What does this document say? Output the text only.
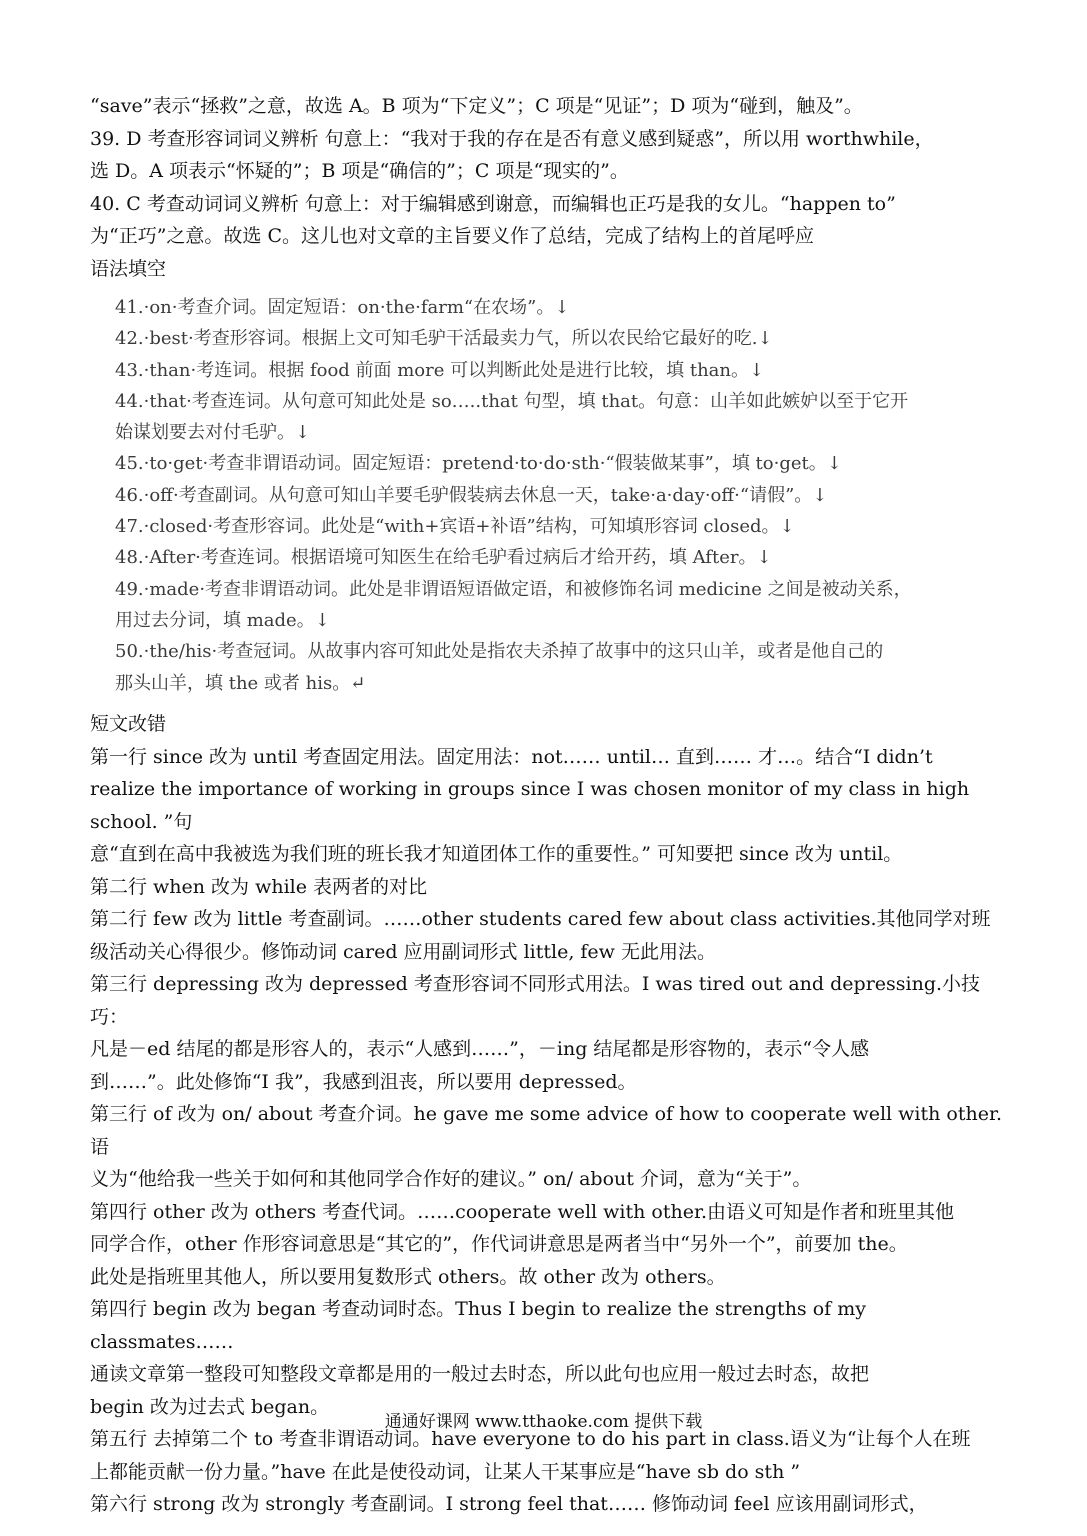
“save”表示“拯救”之意，故选 A。B 项为“下定义”；C 项是“见证”；D 项为“碰到，触及”。

39. D 考查形容词词义辨析 句意上：“我对于我的存在是否有意义感到疑惑”，所以用 worthwhile，

选 D。A 项表示“怀疑的”；B 项是“确信的”；C 项是“现实的”。

40. C 考查动词词义辨析 句意上：对于编辑感到谢意，而编辑也正巧是我的女儿。“happen to”

为“正巧”之意。故选 C。这儿也对文章的主旨要义作了总结，完成了结构上的首尾呼应

语法填空

41.·on·考查介词。固定短语：on·the·farm“在农场”。↓

42.·best·考查形容词。根据上文可知毛驴干活最卖力气，所以农民给它最好的吃.↓

43.·than·考连词。根据 food 前面 more 可以判断此处是进行比较，填 than。↓

44.·that·考查连词。从句意可知此处是 so…..that 句型，填 that。句意：山羊如此嫉妒以至于它开

始谋划要去对付毛驴。↓

45.·to·get·考查非谓语动词。固定短语：pretend·to·do·sth·“假装做某事”，填 to·get。↓

46.·off·考查副词。从句意可知山羊要毛驴假装病去休息一天，take·a·day·off·“请假”。↓

47.·closed·考查形容词。此处是“with+宾语+补语”结构，可知填形容词 closed。↓

48.·After·考查连词。根据语境可知医生在给毛驴看过病后才给开药，填 After。↓

49.·made·考查非谓语动词。此处是非谓语短语做定语，和被修饰名词 medicine 之间是被动关系，

用过去分词，填 made。↓

50.·the/his·考查冠词。从故事内容可知此处是指农夫杀掉了故事中的这只山羊，或者是他自己的

那头山羊，填 the 或者 his。↵

短文改错

第一行 since 改为 until 考查固定用法。固定用法：not…… until… 直到…… 才…。结合“I didn’t

realize the importance of working in groups since I was chosen monitor of my class in high school. ”句

意“直到在高中我被选为我们班的班长我才知道团体工作的重要性。” 可知要把 since 改为 until。

第二行 when 改为 while 表两者的对比

第二行 few 改为 little 考查副词。……other students cared few about class activities.其他同学对班

级活动关心得很少。修饰动词 cared 应用副词形式 little, few 无此用法。

第三行 depressing 改为 depressed 考查形容词不同形式用法。I was tired out and depressing.小技巧：

凡是－ed 结尾的都是形容人的，表示“人感到……”，－ing 结尾都是形容物的，表示“令人感

到……”。此处修饰“I 我”，我感到沮丧，所以要用 depressed。

第三行 of 改为 on/ about 考查介词。he gave me some advice of how to cooperate well with other.语

义为“他给我一些关于如何和其他同学合作好的建议。” on/ about 介词，意为“关于”。

第四行 other 改为 others 考查代词。……cooperate well with other.由语义可知是作者和班里其他

同学合作，other 作形容词意思是“其它的”，作代词讲意思是两者当中“另外一个”，前要加 the。

此处是指班里其他人，所以要用复数形式 others。故 other 改为 others。

第四行 begin 改为 began 考查动词时态。Thus I begin to realize the strengths of my classmates……

通读文章第一整段可知整段文章都是用的一般过去时态，所以此句也应用一般过去时态，故把

begin 改为过去式 began。

第五行 去掉第二个 to 考查非谓语动词。have everyone to do his part in class.语义为“让每个人在班

上都能贡献一份力量。”have 在此是使役动词，让某人干某事应是“have sb do sth ”

第六行 strong 改为 strongly 考查副词。I strong feel that…… 修饰动词 feel 应该用副词形式，

通通好课网 www.tthaoke.com 提供下载
